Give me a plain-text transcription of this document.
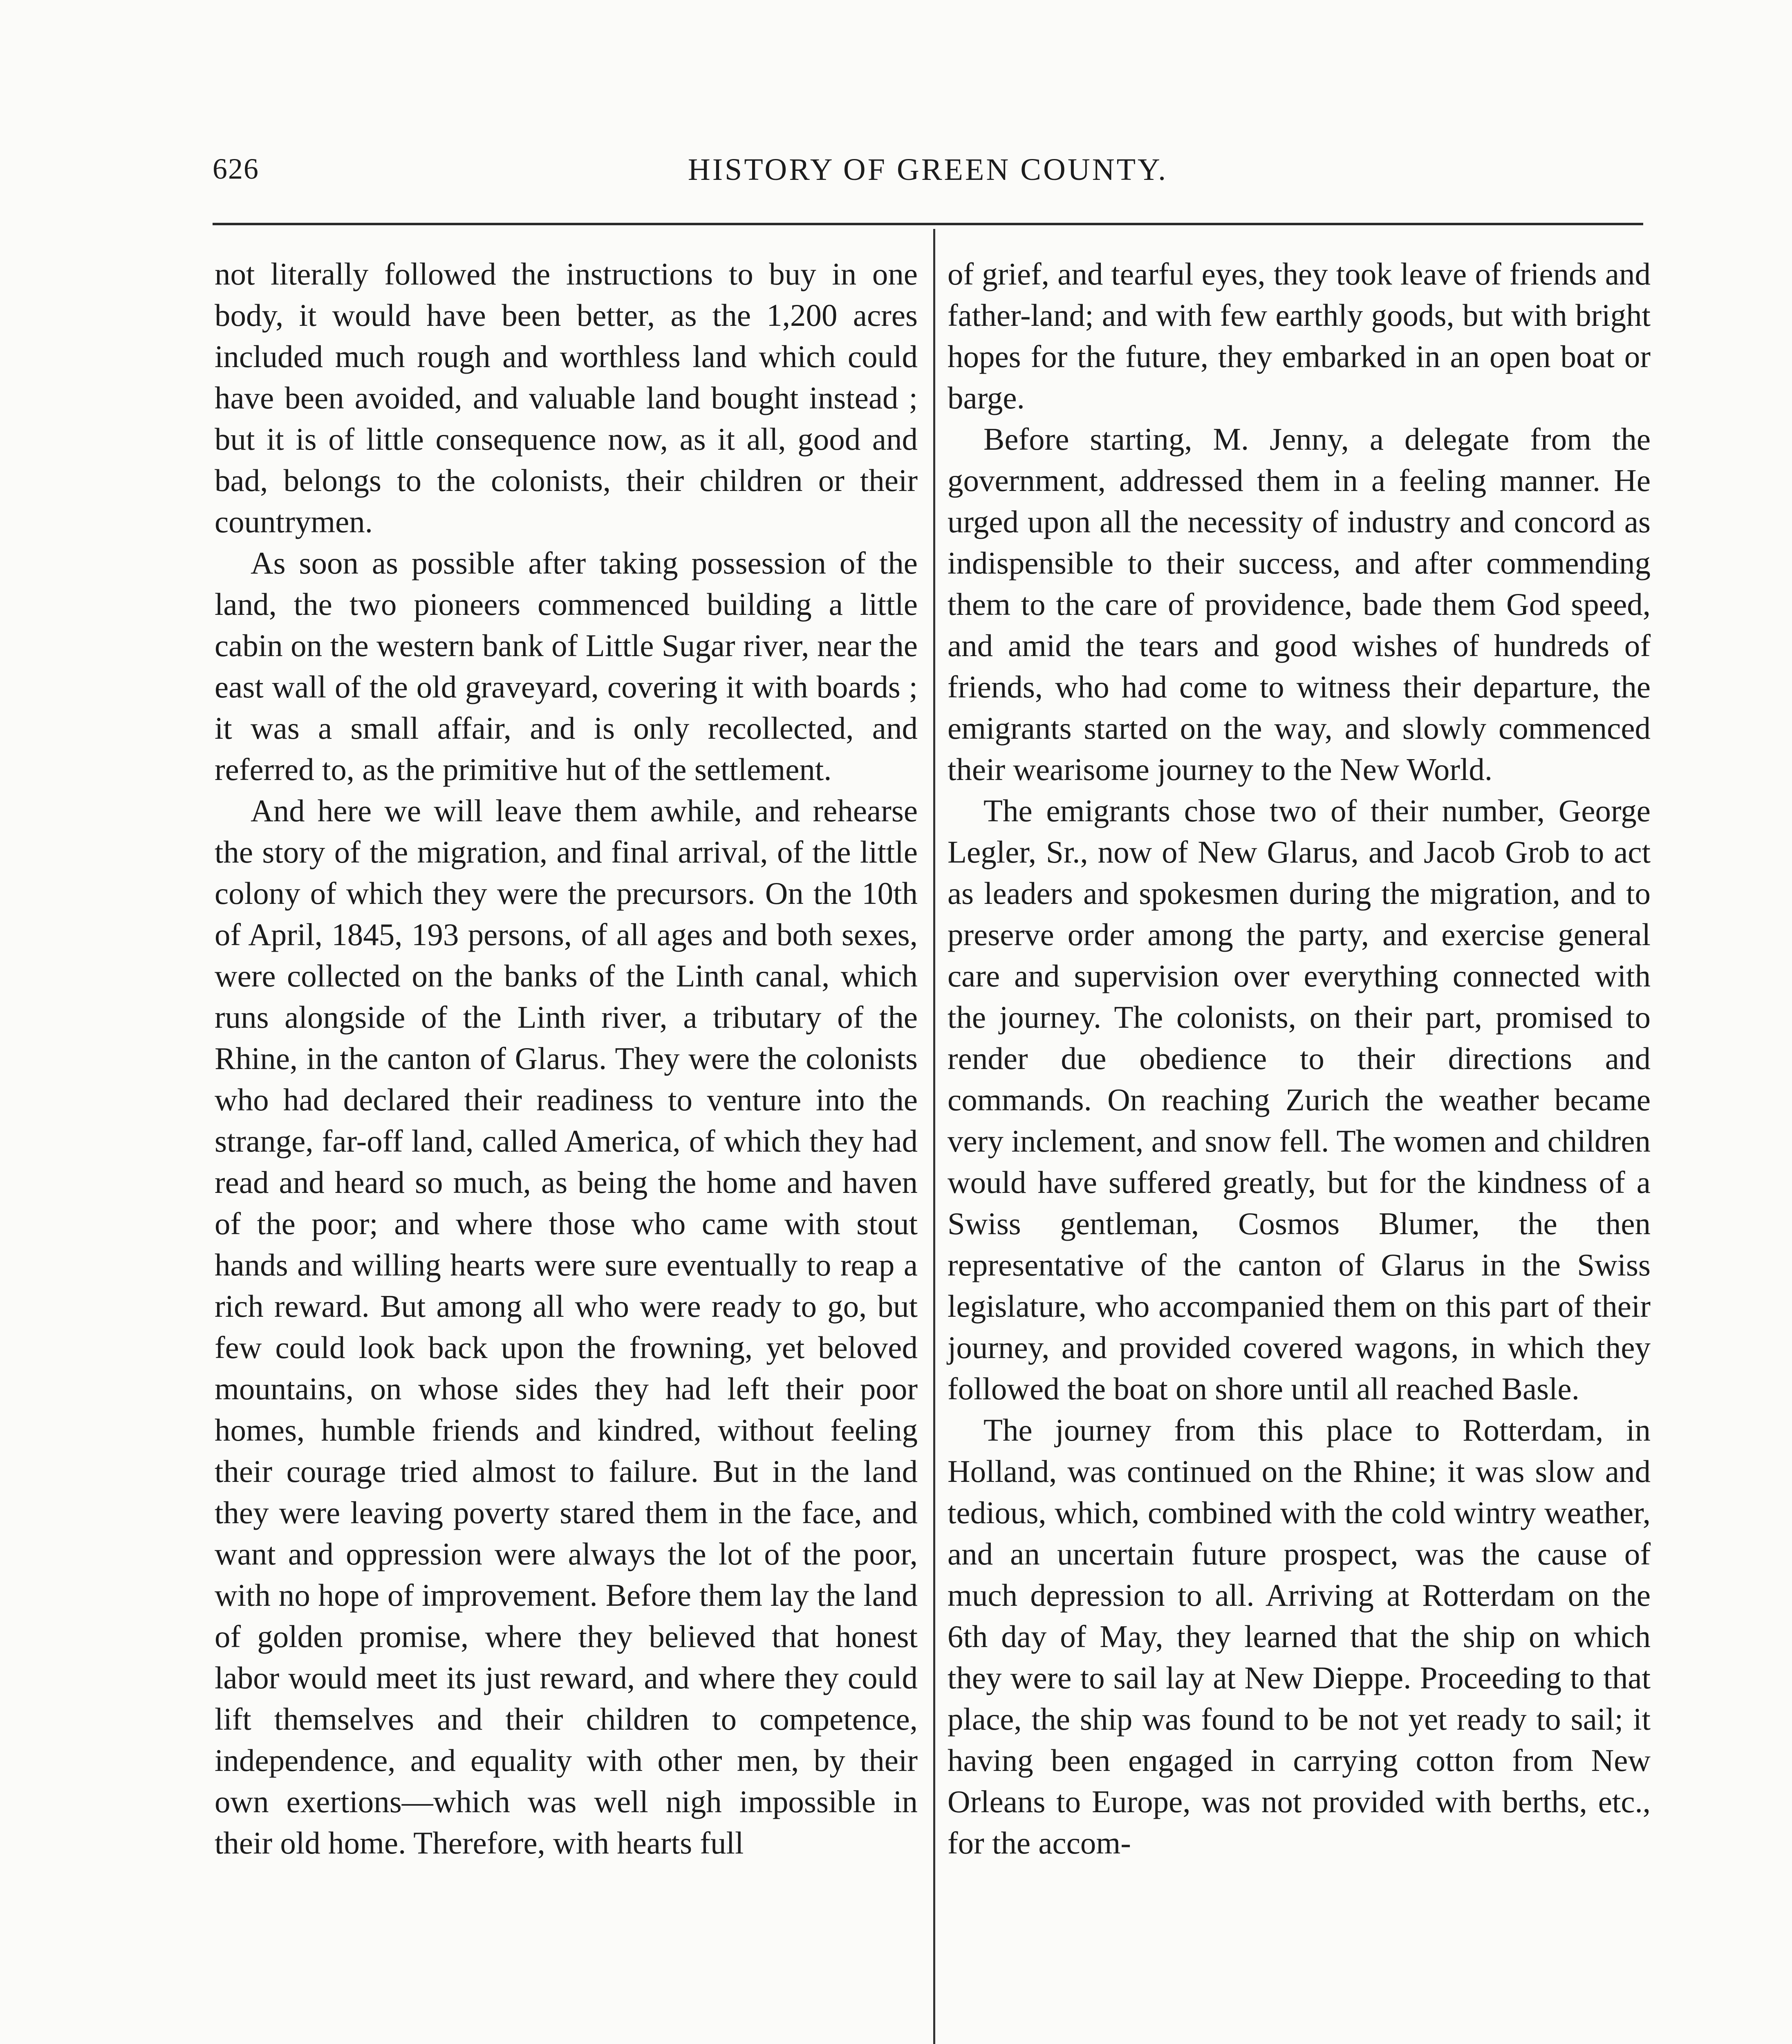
626	HISTORY OF GREEN COUNTY.

not literally followed the instructions to buy in one body, it would have been better, as the 1,200 acres included much rough and worthless land which could have been avoided, and valuable land bought instead ; but it is of little consequence now, as it all, good and bad, belongs to the colonists, their children or their countrymen.

As soon as possible after taking possession of the land, the two pioneers commenced building a little cabin on the western bank of Little Sugar river, near the east wall of the old graveyard, covering it with boards ; it was a small affair, and is only recollected, and referred to, as the primitive hut of the settlement.

And here we will leave them awhile, and rehearse the story of the migration, and final arrival, of the little colony of which they were the precursors. On the 10th of April, 1845, 193 persons, of all ages and both sexes, were collected on the banks of the Linth canal, which runs alongside of the Linth river, a tributary of the Rhine, in the canton of Glarus. They were the colonists who had declared their readiness to venture into the strange, far-off land, called America, of which they had read and heard so much, as being the home and haven of the poor; and where those who came with stout hands and willing hearts were sure eventually to reap a rich reward. But among all who were ready to go, but few could look back upon the frowning, yet beloved mountains, on whose sides they had left their poor homes, humble friends and kindred, without feeling their courage tried almost to failure. But in the land they were leaving poverty stared them in the face, and want and oppression were always the lot of the poor, with no hope of improvement. Before them lay the land of golden promise, where they believed that honest labor would meet its just reward, and where they could lift themselves and their children to competence, independence, and equality with other men, by their own exertions—which was well nigh impossible in their old home. Therefore, with hearts full

of grief, and tearful eyes, they took leave of friends and father-land; and with few earthly goods, but with bright hopes for the future, they embarked in an open boat or barge.

Before starting, M. Jenny, a delegate from the government, addressed them in a feeling manner. He urged upon all the necessity of industry and concord as indispensible to their success, and after commending them to the care of providence, bade them God speed, and amid the tears and good wishes of hundreds of friends, who had come to witness their departure, the emigrants started on the way, and slowly commenced their wearisome journey to the New World.

The emigrants chose two of their number, George Legler, Sr., now of New Glarus, and Jacob Grob to act as leaders and spokesmen during the migration, and to preserve order among the party, and exercise general care and supervision over everything connected with the journey. The colonists, on their part, promised to render due obedience to their directions and commands. On reaching Zurich the weather became very inclement, and snow fell. The women and children would have suffered greatly, but for the kindness of a Swiss gentleman, Cosmos Blumer, the then representative of the canton of Glarus in the Swiss legislature, who accompanied them on this part of their journey, and provided covered wagons, in which they followed the boat on shore until all reached Basle.

The journey from this place to Rotterdam, in Holland, was continued on the Rhine; it was slow and tedious, which, combined with the cold wintry weather, and an uncertain future prospect, was the cause of much depression to all. Arriving at Rotterdam on the 6th day of May, they learned that the ship on which they were to sail lay at New Dieppe. Proceeding to that place, the ship was found to be not yet ready to sail; it having been engaged in carrying cotton from New Orleans to Europe, was not provided with berths, etc., for the accom-
